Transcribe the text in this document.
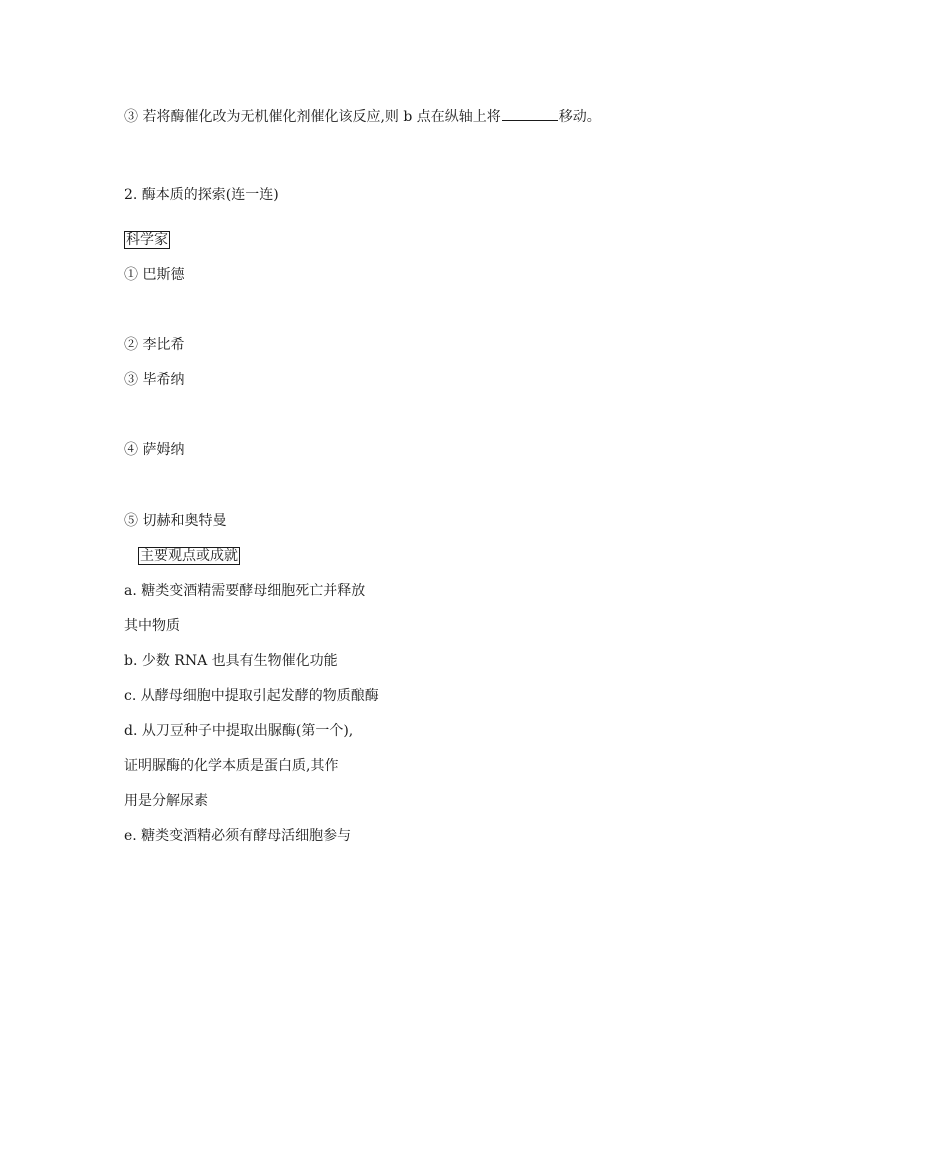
③ 若将酶催化改为无机催化剂催化该反应,则 b 点在纵轴上将	移动。
2. 酶本质的探索(连一连)
科学家
① 巴斯德
② 李比希
③ 毕希纳
④ 萨姆纳
⑤ 切赫和奥特曼
主要观点或成就
a. 糖类变酒精需要酵母细胞死亡并释放
其中物质
b. 少数 RNA 也具有生物催化功能
c. 从酵母细胞中提取引起发酵的物质酿酶
d. 从刀豆种子中提取出脲酶(第一个),
证明脲酶的化学本质是蛋白质,其作
用是分解尿素
e. 糖类变酒精必须有酵母活细胞参与
